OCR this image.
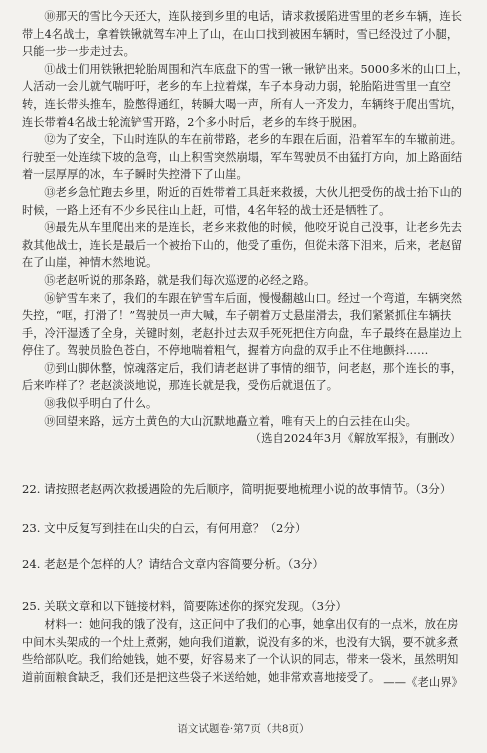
⑩那天的雪比今天还大，连队接到乡里的电话，请求救援陷进雪里的老乡车辆，连长带上4名战士，拿着铁锹就驾车冲上了山，在山口找到被困车辆时，雪已经没过了小腿，只能一步一步走过去。

⑪战士们用铁锹把轮胎周围和汽车底盘下的雪一锹一锹铲出来。5000多米的山口上，人活动一会儿就气喘吁吁，老乡的车上拉着煤，车子本身动力弱，轮胎陷进雪里一直空转，连长带头推车，脸憋得通红，转瞬大喝一声，所有人一齐发力，车辆终于爬出雪坑，连长带着4名战士轮流铲雪开路，2个多小时后，老乡的车终于脱困。

⑫为了安全，下山时连队的车在前带路，老乡的车跟在后面，沿着军车的车辙前进。行驶至一处连续下坡的急弯，山上积雪突然崩塌，军车驾驶员不由猛打方向，加上路面结着一层厚厚的冰，车子瞬时失控滑下了山崖。

⑬老乡急忙跑去乡里，附近的百姓带着工具赶来救援，大伙儿把受伤的战士抬下山的时候，一路上还有不少乡民往山上赶，可惜，4名年轻的战士还是牺牲了。

⑭最先从车里爬出来的是连长，老乡来救他的时候，他咬牙说自己没事，让老乡先去救其他战士，连长是最后一个被抬下山的，他受了重伤，但從未落下泪来，后来，老赵留在了山崖，神情木然地说。

⑮老赵听说的那条路，就是我们每次巡逻的必经之路。

⑯铲雪车来了，我们的车跟在铲雪车后面，慢慢翻越山口。经过一个弯道，车辆突然失控，“哐，打滑了！”驾驶员一声大喊，车子朝着万丈悬崖滑去，我们紧紧抓住车辆扶手，冷汗湿透了全身，关键时刻，老赵扑过去双手死死把住方向盘，车子最终在悬崖边上停住了。驾驶员脸色苍白，不停地喘着粗气，握着方向盘的双手止不住地颤抖……

⑰到山脚休整，惊魂落定后，我们请老赵讲了事情的细节，问老赵，那个连长的事，后来咋样了？老赵淡淡地说，那连长就是我，受伤后就退伍了。

⑱我似乎明白了什么。

⑲回望来路，远方土黄色的大山沉默地矗立着，唯有天上的白云挂在山尖。

（选自2024年3月《解放军报》，有删改）

22. 请按照老赵两次救援遇险的先后顺序，简明扼要地梳理小说的故事情节。（3分）

23. 文中反复写到挂在山尖的白云，有何用意？（2分）

24. 老赵是个怎样的人？请结合文章内容简要分析。（3分）

25. 关联文章和以下链接材料，简要陈述你的探究发现。（3分）

材料一：她问我的饿了没有，这正问中了我们的心事，她拿出仅有的一点米，放在房中间木头架成的一个灶上煮粥，她向我们道歉，说没有多的米，也没有大锅，要不就多煮些给部队吃。我们给她钱，她不要，好容易来了一个认识的同志，带来一袋米，虽然明知道前面粮食缺乏，我们还是把这些袋子米送给她，她非常欢喜地接受了。 ——《老山界》

语文试题卷·第7页（共8页）
